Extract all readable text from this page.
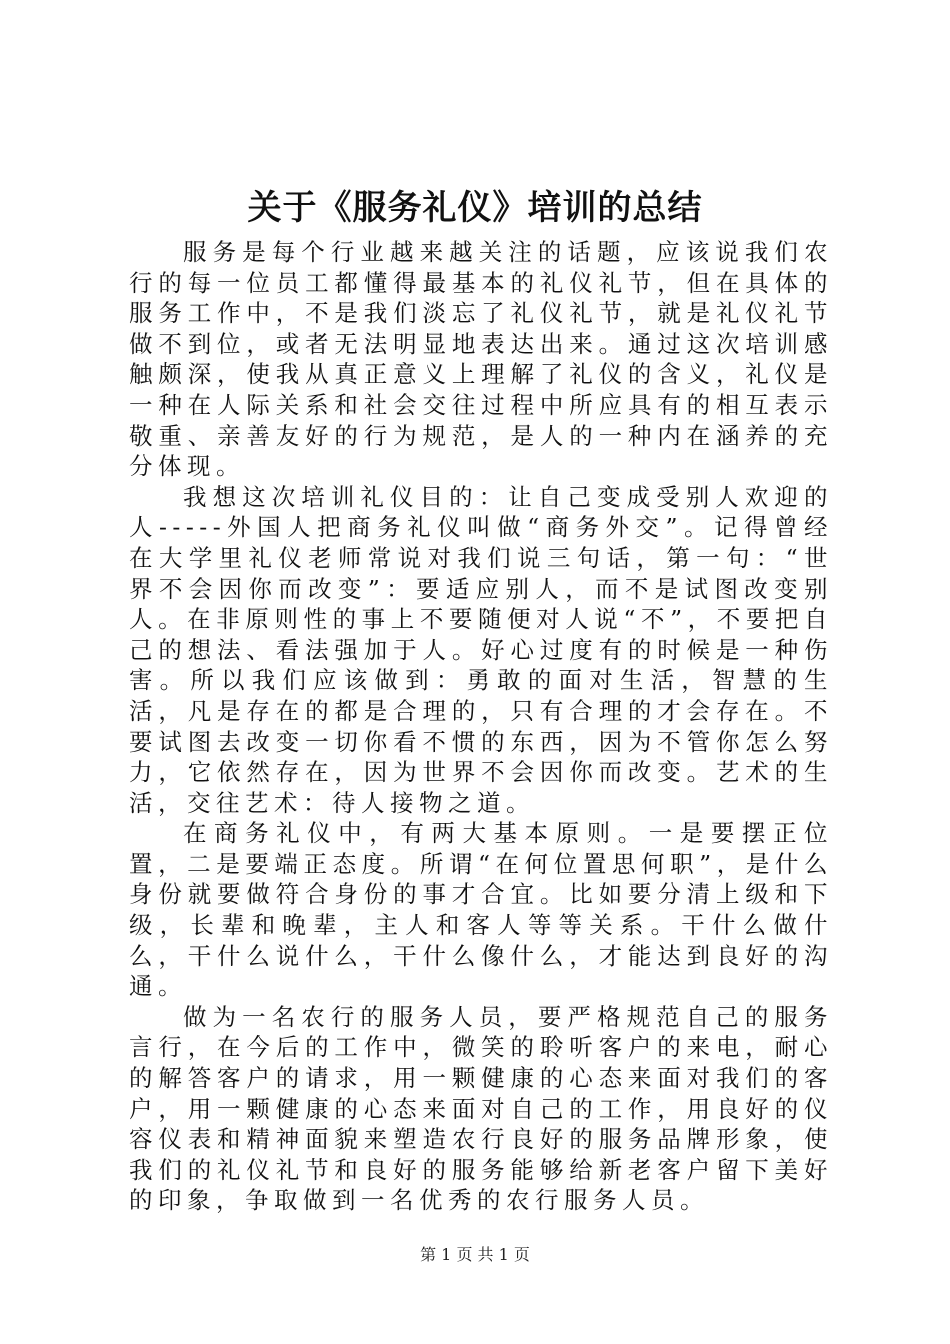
关于《服务礼仪》培训的总结

服务是每个行业越来越关注的话题，应该说我们农行的每一位员工都懂得最基本的礼仪礼节，但在具体的服务工作中，不是我们淡忘了礼仪礼节，就是礼仪礼节做不到位，或者无法明显地表达出来。通过这次培训感触颇深，使我从真正意义上理解了礼仪的含义，礼仪是一种在人际关系和社会交往过程中所应具有的相互表示敬重、亲善友好的行为规范，是人的一种内在涵养的充分体现。

我想这次培训礼仪目的：让自己变成受别人欢迎的人-----外国人把商务礼仪叫做“商务外交”。记得曾经在大学里礼仪老师常说对我们说三句话，第一句：“世界不会因你而改变”：要适应别人，而不是试图改变别人。在非原则性的事上不要随便对人说“不”，不要把自己的想法、看法强加于人。好心过度有的时候是一种伤害。所以我们应该做到：勇敢的面对生活，智慧的生活，凡是存在的都是合理的，只有合理的才会存在。不要试图去改变一切你看不惯的东西，因为不管你怎么努力，它依然存在，因为世界不会因你而改变。艺术的生活，交往艺术：待人接物之道。

在商务礼仪中，有两大基本原则。一是要摆正位置，二是要端正态度。所谓“在何位置思何职”，是什么身份就要做符合身份的事才合宜。比如要分清上级和下级，长辈和晚辈，主人和客人等等关系。干什么做什么，干什么说什么，干什么像什么，才能达到良好的沟通。

做为一名农行的服务人员，要严格规范自己的服务言行，在今后的工作中，微笑的聆听客户的来电，耐心的解答客户的请求，用一颗健康的心态来面对我们的客户，用一颗健康的心态来面对自己的工作，用良好的仪容仪表和精神面貌来塑造农行良好的服务品牌形象，使我们的礼仪礼节和良好的服务能够给新老客户留下美好的印象，争取做到一名优秀的农行服务人员。

第 1 页 共 1 页
